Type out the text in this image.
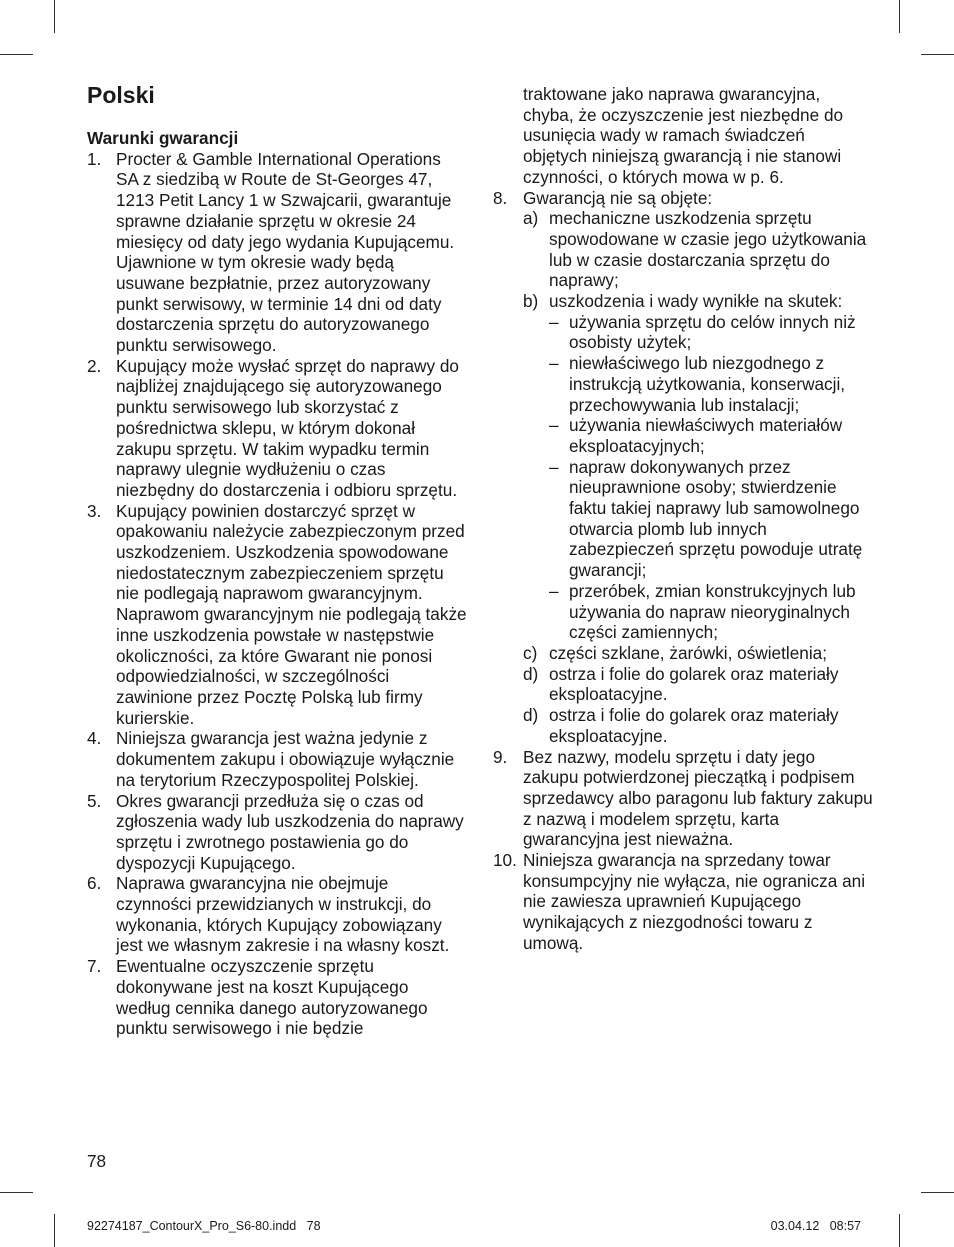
Polski

Warunki gwarancji

1. Procter & Gamble International Operations SA z siedzibą w Route de St-Georges 47, 1213 Petit Lancy 1 w Szwajcarii, gwarantuje sprawne działanie sprzętu w okresie 24 miesięcy od daty jego wydania Kupującemu. Ujawnione w tym okresie wady będą usuwane bezpłatnie, przez autoryzowany punkt serwisowy, w terminie 14 dni od daty dostarczenia sprzętu do autoryzowanego punktu serwisowego.
2. Kupujący może wysłać sprzęt do naprawy do najbliżej znajdującego się autoryzowanego punktu serwisowego lub skorzystać z pośrednictwa sklepu, w którym dokonał zakupu sprzętu. W takim wypadku termin naprawy ulegnie wydłużeniu o czas niezbędny do dostarczenia i odbioru sprzętu.
3. Kupujący powinien dostarczyć sprzęt w opakowaniu należycie zabezpieczonym przed uszkodzeniem. Uszkodzenia spowodowane niedostatecznym zabezpieczeniem sprzętu nie podlegają naprawom gwarancyjnym. Naprawom gwarancyjnym nie podlegają także inne uszkodzenia powstałe w następstwie okoliczności, za które Gwarant nie ponosi odpowiedzialności, w szczególności zawinione przez Pocztę Polską lub firmy kurierskie.
4. Niniejsza gwarancja jest ważna jedynie z dokumentem zakupu i obowiązuje wyłącznie na terytorium Rzeczypospolitej Polskiej.
5. Okres gwarancji przedłuża się o czas od zgłoszenia wady lub uszkodzenia do naprawy sprzętu i zwrotnego postawienia go do dyspozycji Kupującego.
6. Naprawa gwarancyjna nie obejmuje czynności przewidzianych w instrukcji, do wykonania, których Kupujący zobowiązany jest we własnym zakresie i na własny koszt.
7. Ewentualne oczyszczenie sprzętu dokonywane jest na koszt Kupującego według cennika danego autoryzowanego punktu serwisowego i nie będzie

traktowane jako naprawa gwarancyjna, chyba, że oczyszczenie jest niezbędne do usunięcia wady w ramach świadczeń objętych niniejszą gwarancją i nie stanowi czynności, o których mowa w p. 6.

8. Gwarancją nie są objęte:
a) mechaniczne uszkodzenia sprzętu spowodowane w czasie jego użytkowania lub w czasie dostarczania sprzętu do naprawy;
b) uszkodzenia i wady wynikłe na skutek:
– używania sprzętu do celów innych niż osobisty użytek;
– niewłaściwego lub niezgodnego z instrukcją użytkowania, konserwacji, przechowywania lub instalacji;
– używania niewłaściwych materiałów eksploatacyjnych;
– napraw dokonywanych przez nieuprawnione osoby; stwierdzenie faktu takiej naprawy lub samowolnego otwarcia plomb lub innych zabezpieczeń sprzętu powoduje utratę gwarancji;
– przeróbek, zmian konstrukcyjnych lub używania do napraw nieoryginalnych części zamiennych;
c) części szklane, żarówki, oświetlenia;
d) ostrza i folie do golarek oraz materiały eksploatacyjne.
d) ostrza i folie do golarek oraz materiały eksploatacyjne.
9. Bez nazwy, modelu sprzętu i daty jego zakupu potwierdzonej pieczątką i podpisem sprzedawcy albo paragonu lub faktury zakupu z nazwą i modelem sprzętu, karta gwarancyjna jest nieważna.
10. Niniejsza gwarancja na sprzedany towar konsumpcyjny nie wyłącza, nie ogranicza ani nie zawiesza uprawnień Kupującego wynikających z niezgodności towaru z umową.

78

92274187_ContourX_Pro_S6-80.indd   78	03.04.12   08:57
